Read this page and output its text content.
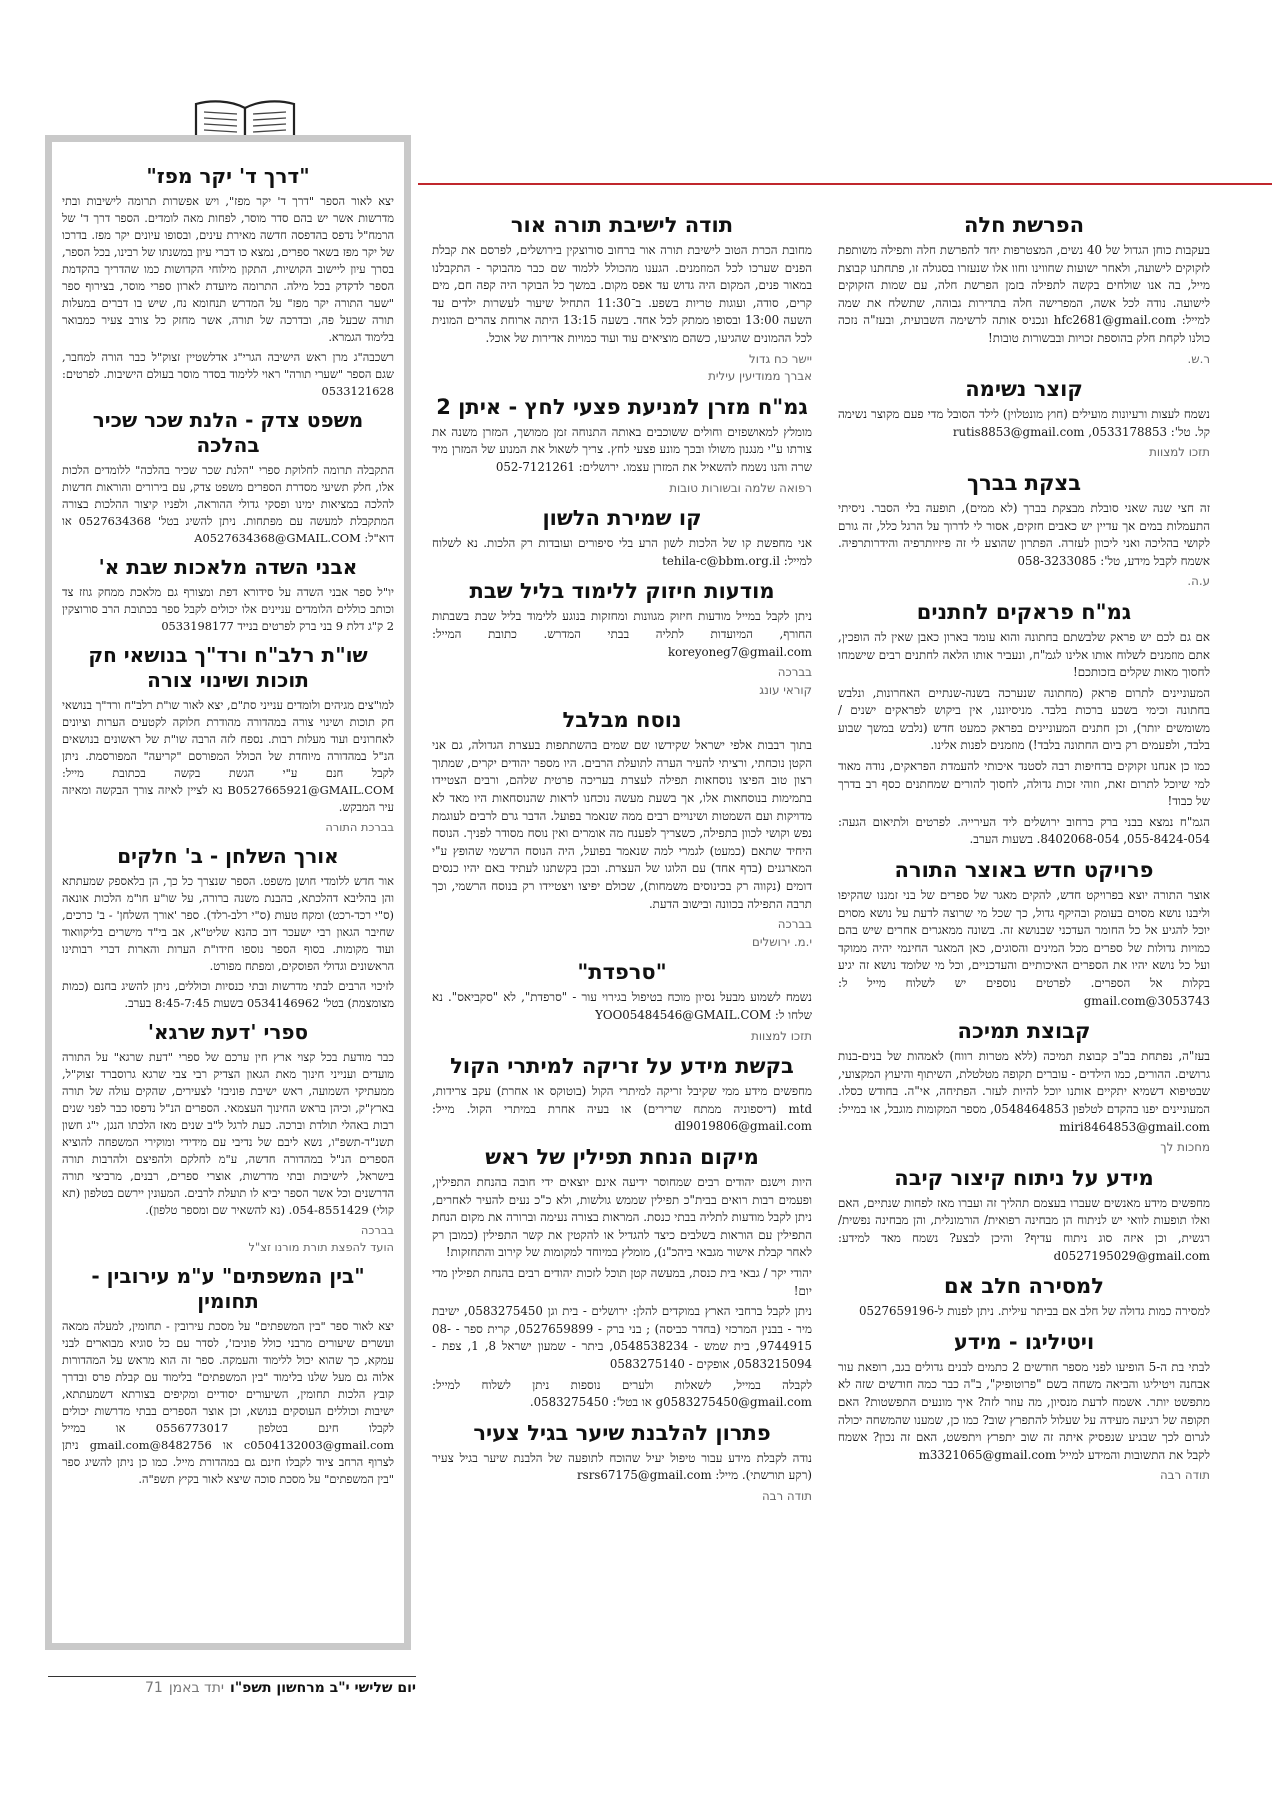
הפרשת חלה

בעקבות כוחן הגדול של 40 נשים, המצטרפות יחד להפרשת חלה ותפילה משותפת לזקוקים לישועה, ולאחר ישועות שחווינו וחוו אלו שנעזרו בסגולה זו, פתחתנו קבוצת מייל, בה אנו שולחים בקשה לתפילה בזמן הפרשת חלה, עם שמות הזקוקים לישועה. נודה לכל אשה, המפרישה חלה בתדירות גבוהה, שתשלח את שמה למייל: hfc2681@gmail.com ונכניס אותה לרשימה השבועית, ובעז"ה נזכה כולנו לקחת חלק בהוספת זכויות ובבשורות טובות!

ר.ש.

קוצר נשימה

נשמח לעצות ורעיונות מועילים (חוץ מונטלוין) לילד הסובל מדי פעם מקוצר נשימה קל. טל': 0533178853, rutis8853@gmail.com

תזכו למצוות

בצקת בברך

זה חצי שנה שאני סובלת מבצקת בברך (לא ממים), תופעה בלי הסבר. ניסיתי התעמלות במים אך עדיין יש כאבים חזקים, אסור לי לדרוך על הרגל כלל, זה גורם לקושי בהליכה ואני ליכוון לעזרה. הפתרון שהוצע לי זה פיזיותרפיה והידרותרפיה. אשמח לקבל מידע, טל': 058-3233085

ע.ה.

גמ"ח פראקים לחתנים

אם גם לכם יש פראק שלבשתם בחתונה והוא עומד בארון כאבן שאין לה הופכין, אתם מוזמנים לשלוח אותו אלינו לגמ"ח, ונעביר אותו הלאה לחתנים רבים שישמחו לחסוך מאות שקלים בזכותכם!

המעוניינים לתרום פראק (מחתונה שנערכה בשנה-שנתיים האחרונות, ונלבש בחתונה וכימי בשבע ברכות בלבד. מניסיוננו, אין ביקוש לפראקים ישנים / משומשים יותר), וכן חתנים המעוניינים בפראק כמעט חדש (נלבש במשך שבוע בלבד, ולפעמים רק ביום החתונה בלבד!) מוזמנים לפנות אלינו.

כמו כן אנחנו זקוקים בדחיפות רבה לסטנד איכותי להעמדת הפראקים, נודה מאוד למי שיוכל לתרום זאת, וזוהי זכות גדולה, לחסוך להורים שמחתנים כסף רב בדרך של כבוד!

הגמ"ח נמצא בבני ברק ברחוב ירושלים ליד העירייה. לפרטים ולתיאום הגעה: 055-8424-054, 8402068-054. בשעות הערב.

פרויקט חדש באוצר התורה

אוצר התורה יוצא בפרויקט חדש, להקים מאגר של ספרים של בני זמננו שהקיפו וליבנו נושא מסוים בעומק ובהיקף גדול, כך שכל מי שרוצה לדעת על נושא מסוים יוכל להגיע אל כל החומר העדכני שבנושא זה. בשונה ממאגרים אחרים שיש בהם כמויות גדולות של ספרים מכל המינים והסוגים, כאן המאגר החינמי יהיה ממוקד ועל כל נושא יהיו את הספרים האיכותיים והעדכניים, וכל מי שלומד נושא זה יגיע בקלות אל הספרים. לפרטים נוספים יש לשלוח מייל ל: 3053743@gmail.com

קבוצת תמיכה

בעז"ה, נפתחת בב"ב קבוצת תמיכה (ללא מטרות רווח) לאמהות של בנים-בנות גרושים. ההורים, כמו הילדים - עוברים תקופה מטלטלת, השיתוף והיעוץ המקצועי, שבטיפוא דשמיא יתקיים אותנו יוכל להיות לעזר. הפתיחה, אי"ה. בחודש כסלו. המעוניינים יפנו בהקדם לטלפון 0548464853, מספר המקומות מוגבל, או במייל: miri8464853@gmail.com

מחכות לך

מידע על ניתוח קיצור קיבה

מחפשים מידע מאנשים שעברו בעצמם תהליך זה ועברו מאז לפחות שנתיים, האם ואלו תופעות לוואי יש לניתוח הן מבחינה רפואית/ הורמונלית, והן מבחינה נפשית/ רגשית, וכן איזה סוג ניתוח עדיף? והיכן לבצע? נשמח מאד למידע: d0527195029@gmail.com

למסירה חלב אם

למסירה כמות גדולה של חלב אם בביתר עילית. ניתן לפנות ל-0527659196

ויטיליגו - מידע

לבתי בת ה-5 הופיעו לפני מספר חודשים 2 כתמים לבנים גדולים בגב, רופאת עור אבחנה ויטיליגו והביאה משחה בשם "פרוטופיק", ב"ה כבר כמה חודשים שזה לא מתפשט יותר. אשמח לדעת מנסיון, מה עוזר לזה? איך מונעים התפשטות? האם תקופה של רגיעה מעידה על שעלול להתפרץ שוב? כמו כן, שמענו שהמשחה יכולה לגרום לכך שבגיע שנפסיק איתה זה שוב יתפרץ ויתפשט, האם זה נכון? אשמח לקבל את התשובות והמידע למייל m3321065@gmail.com

תודה רבה

תודה לישיבת תורה אור

מחובת הכרת הטוב לישיבת תורה אור ברחוב סורוצקין בירושלים, לפרסם את קבלת הפנים שערכו לכל המוזמנים. הגענו מהכולל ללמוד שם כבר מהבוקר - התקבלנו במאור פנים, המקום היה גדוש עד אפס מקום. במשך כל הבוקר היה קפה חם, מים קרים, סודה, ועוגות טריות בשפע. ב־11:30 התחיל שיעור לעשרות ילדים עד השעה 13:00 ובסופו ממתק לכל אחד. בשעה 13:15 היתה ארוחת צהרים המונית לכל ההמונים שהגיעו, כשהם מוציאים עוד ועוד כמויות אדירות של אוכל.

יישר כח גדול
אברך ממודיעין עילית

גמ"ח מזרן למניעת פצעי לחץ - איתן 2

מומלץ למאושפזים וחולים ששוכבים באותה התנוחה זמן ממושך, המזרן משנה את צורתו ע"י מנגנון משולו ובכך מונע פצעי לחץ. צריך לשאול את המנוע של המזרן מיד שרה והנו נשמח להשאיל את המזרן עצמו. ירושלים: 052-7121261

רפואה שלמה ובשורות טובות

קו שמירת הלשון

אני מחפשת קו של הלכות לשון הרע בלי סיפורים ועובדות רק הלכות. נא לשלוח למייל: tehila-c@bbm.org.il

מודעות חיזוק ללימוד בליל שבת

ניתן לקבל במייל מודעות חיזוק מגוונות ומחזקות בנוגע ללימוד בליל שבת בשבתות החורף, המיועדות לתליה בבתי המדרש. כתובת המייל: koreyoneg7@gmail.com

בברכה
קוראי עונג

נוסח מבלבל

בתוך רבבות אלפי ישראל שקידשו שם שמים בהשתתפות בעצרת הגדולה, גם אני הקטן נוכחתי, ורציתי להעיר הערה לתועלת הרבים. היו מספר יהודים יקרים, שמתוך רצון טוב הפיצו נוסחאות תפילה לעצרת בעריכה פרטית שלהם, ורבים הצטיידו בתמימות בנוסחאות אלו, אך בשעת מעשה נוכחנו לראות שהנוסחאות היו מאד לא מדויקות ועם השמטות ושינויים רבים ממה שנאמר בפועל. הדבר גרם לרבים לעוגמת נפש וקושי לכוון בתפילה, כשצריך לפענח מה אומרים ואין נוסח מסודר לפניך. הנוסח היחיד שתאם (כמעט) לגמרי למה שנאמר בפועל, היה הנוסח הרשמי שהופץ ע"י המארגנים (בדף אחד) עם הלוגו של העצרת. ובכן בקשתנו לעתיד באם יהיו כנסים דומים (נקווה רק בכינוסים משמחות), שכולם יפיצו ויצטיידו רק בנוסח הרשמי, וכך תרבה התפילה בכוונה ובישוב הדעת.

בברכה
י.מ. ירושלים

"סרפדת"

נשמח לשמוע מבעל נסיון מוכח בטיפול בגירוי עור - "סרפדת", לא "סקביאס". נא שלחו ל: YOO05484546@GMAIL.COM

תזכו למצוות

בקשת מידע על זריקה למיתרי הקול

מחפשים מידע ממי שקיבל זריקה למיתרי הקול (בוטוקס או אחרת) עקב צרידות, mtd (דיספוניה ממתח שרירים) או בעיה אחרת במיתרי הקול. מייל: dl9019806@gmail.com

מיקום הנחת תפילין של ראש

היות וישנם יהודים רבים שמחוסר ידיעה אינם יוצאים ידי חובה בהנחת התפילין, ופעמים רבות רואים בבית"כ תפילין שממש גולשות, ולא כ"כ נעים להעיר לאחרים, ניתן לקבל מודעות לתליה בבתי כנסת. המראות בצורה נעימה וברורה את מקום הנחת התפילין עם הוראות בשלבים כיצד להגדיל או להקטין את קשר התפילין (כמובן רק לאחר קבלת אישור מגבאי ביהכ"נ), מומלץ במיוחד למקומות של קירוב והתחזקות!

יהודי יקר / גבאי בית כנסת, במעשה קטן תוכל לזכות יהודים רבים בהנחת תפילין מדי יום!

ניתן לקבל ברחבי הארץ במוקדים להלן: ירושלים - בית וגן 0583275450, ישיבת מיר - בבנין המרכזי (בחדר כביסה) ; בני ברק - 0527659899, קרית ספר - 08-9744915, בית שמש - 0548538234, ביתר - שמעון ישראל 8, 1, צפת - 0583215094, אופקים - 0583275140

לקבלה במייל, לשאלות ולערים נוספות ניתן לשלוח למייל: g0583275450@gmail.com או בטל': 0583275450.

פתרון להלבנת שיער בגיל צעיר

נודה לקבלת מידע עבור טיפול יעיל שהוכח לתופעה של הלבנת שיער בגיל צעיר (רקע תורשתי). מייל: rsrs67175@gmail.com

תודה רבה

"דרך ד' יקר מפז"

יצא לאור הספר "דרך ד' יקר מפז", ויש אפשרות תרומה לישיבות ובתי מדרשות אשר יש בהם סדר מוסר, לפחות מאה לומדים. הספר דרך ד' של הרמח"ל נדפס בהדפסה חדשה מאירת עינים, ובסופו עיונים יקר מפז. בדרכו של יקר מפז בשאר ספרים, נמצא כו דברי עיון במשנתו של רבינו, בכל הספר, בסרך עיון ליישוב הקושיות, התקון מילוחי הקדושות כמו שהדריך בהקדמת הספר לדקדק בכל מילה. התרומה מיועדת לארון ספרי מוסר, בצירוף ספר "שער התורה יקר מפז" על המדרש תנחומא נח, שיש בו דברים במעלות תורה שבעל פה, ובדרכה של תורה, אשר מחזק כל צורב צעיר כמבואר בלימוד הגמרא.

רשכבה"ג מרן ראש הישיבה הגרי"ג אדלשטיין זצוק"ל כבר הורה למחבר, שגם הספר "שערי תורה" ראוי ללימוד בסדר מוסר בעולם הישיבות. לפרטים: 0533121628

משפט צדק - הלנת שכר שכיר בהלכה

התקבלה תרומה לחלוקת ספרי "הלנת שכר שכיר בהלכה" ללומדים הלכות אלו, חלק תשיעי מסדרת הספרים משפט צדק, עם בירורים והוראות חדשות להלכה במציאות ימינו ופסקי גדולי ההוראה, ולפניו קיצור ההלכות בצורה המתקבלת למעשה עם מפתחות. ניתן להשיג בטל' 0527634368 או דוא"ל: A0527634368@GMAIL.COM

אבני השדה מלאכות שבת א'

יו"ל ספר אבני השדה על סידורא דפת ומצורף גם מלאכת ממחק גוזז צד וכותב כוללים הלומדים עניינים אלו יכולים לקבל ספר בכתובת הרב סורוצקין 2 ק"ג דלת 9 בני ברק לפרטים בנייד 0533198177

שו"ת רלב"ח ורד"ך בנושאי חק תוכות ושינוי צורה

למו"צים מגיהים ולומדים ענייני סת"ם, יצא לאור שו"ת רלב"ח ורד"ך בנושאי חק תוכות ושינוי צורה במהדורה מהודרת חלוקה לקטעים הערות וציונים לאחרונים ועוד מעלות רבות. נספח לזה הרבה שו"ת של ראשונים בנושאים הנ"ל במהדורה מיוחדת של הכולל המפורסם "קריעה" המפורסמת. ניתן לקבל חנם ע"י הגשת בקשה בכתובת מייל: B0527665921@GMAIL.COM נא לציין לאיזה צורך הבקשה ומאיזה עיר המבקש.

בברכת התורה

אורך השלחן - ב' חלקים

אור חדש ללומדי חושן משפט. הספר שנצרך כל כך, הן בלאספק שמעתתא והן בהליבא דהלכתא, בהבנת משנה ברורה, על שו"ע חו"מ הלכות אונאה (ס"י רכד-רכט) ומקח טעות (ס"י רלב-רלד). ספר 'אורך השלחן' - ב' כרכים, שחיבר הגאון רבי ישעכר דוב כהנא שליט"א, אב בי"ד מישרים בליקוואוד ועוד מקומות. בסוף הספר נוספו חידו"ת הערות והארות דברי רבותינו הראשונים וגדולי הפוסקים, ומפתח מפורט.

לזיכוי הרבים לבתי מדרשות ובתי כנסיות וכוללים, ניתן להשיג בחנם (כמות מצומצמת) בטל' 0534146962 בשעות 8:45-7:45 בערב.

ספרי 'דעת שרגא'

כבר מודעת בכל קצוי ארץ חין ערכם של ספרי "דעת שרגא" על התורה מועדים וענייני חינוך מאת הגאון הצדיק רבי צבי שרגא גרוסברד זצוק"ל, ממעתיקי השמועה, ראש ישיבת פוניבז' לצעירים, שהקים עולה של תורה בארץ"ק, וכיהן בראש החינוך העצמאי. הספרים הנ"ל נדפסו כבר לפני שנים רבות באהלי תולדת וברכה. כעת לרגל ל"ב שנים מאז הלכתו הנגן, י"ג חשון תשנ"ד-תשפ"ו, נשא ליבם של נדיבי עם מידידי ומוקירי המשפחה להוציא הספרים הנ"ל במהדורה חדשה, ע"מ לחלקם ולהפיצם ולהרבות תורה בישראל, לישיבות ובתי מדרשות, אוצרי ספרים, רבנים, מרביצי תורה הדרשנים וכל אשר הספר יביא לו תועלת לרבים. המעונין יירשם בטלפון (תא קולי) 054-8551429. (נא להשאיר שם ומספר טלפון).

בברכה
הועד להפצת תורת מורנו זצ"ל

"בין המשפתים" ע"מ עירובין - תחומין

יצא לאור ספר "בין המשפתים" על מסכת עירובין - תחומין, למעלה ממאה ועשרים שיעורים מרבני כולל פוניבז', לסדר עם כל סוגיא מבוארים לבני עמקא, כך שהוא יכול ללימוד והעמקה. ספר זה הוא מראש על המהדורות אלוה גם מעל שלנו בלימוד "בין המשפתים" בלימוד עם קבלת פרס ובדרך קובץ הלכות תחומין, השיעורים יסודיים ומקיפים בצורתא דשמעתתא, ישיבות וכוללים העוסקים בנושא, וכן אוצר הספרים בבתי מדרשות יכולים לקבלו חינם בטלפון 0556773017 או במייל c0504132003@gmail.com או 8482756@gmail.com ניתן לצרוף הרחב ציוד לקבלו חינם גם במהדורת מייל. כמו כן ניתן להשיג ספר "בין המשפתים" על מסכת סוכה שיצא לאור בקיץ תשפ"ה.

יום שלישי י"ב מרחשון תשפ"ו
יתד באמן
71
